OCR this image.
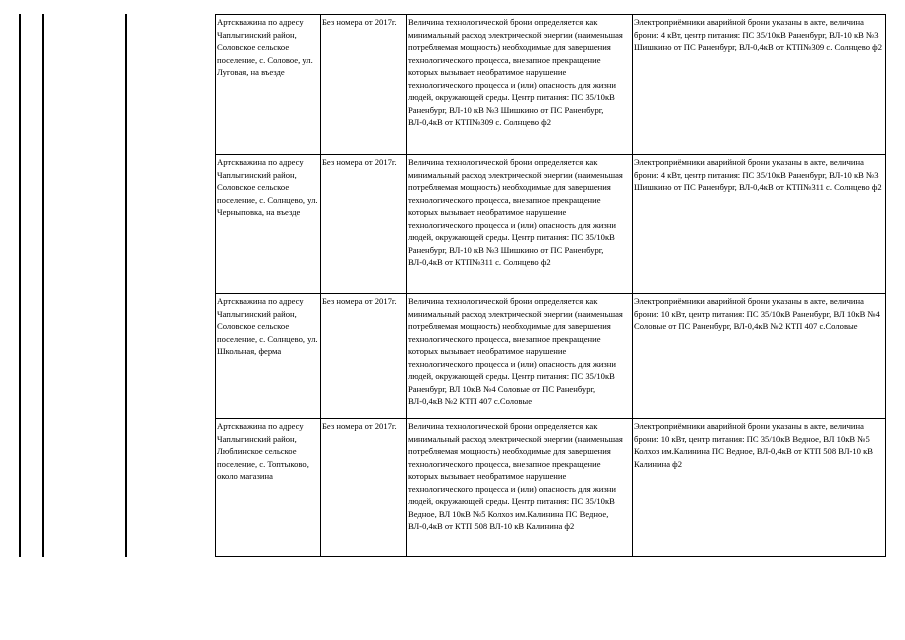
Артскважина по адресу Чаплыгинский район, Соловское сельское поселение, с. Соловое, ул. Луговая, на въезде	Без номера от 2017г.	Величина технологической брони определяется как минимальный расход электрической энергии (наименьшая потребляемая мощность) необходимые для завершения технологического процесса, внезапное прекращение которых вызывает необратимое нарушение технологического процесса и (или) опасность для жизни людей, окружающей среды. Центр питания: ПС 35/10кВ Раненбург, ВЛ-10 кВ №3 Шишкино от ПС Раненбург, ВЛ-0,4кВ от КТП№309 с. Солнцево ф2	Электроприёмники аварийной брони указаны в акте, величина брони: 4 кВт, центр питания: ПС 35/10кВ Раненбург, ВЛ-10 кВ №3 Шишкино от ПС Раненбург, ВЛ-0,4кВ от КТП№309 с. Солнцево ф2
Артскважина по адресу Чаплыгинский район, Соловское сельское поселение, с. Солнцево, ул. Черныповка, на въезде	Без номера от 2017г.	Величина технологической брони определяется как минимальный расход электрической энергии (наименьшая потребляемая мощность) необходимые для завершения технологического процесса, внезапное прекращение которых вызывает необратимое нарушение технологического процесса и (или) опасность для жизни людей, окружающей среды. Центр питания: ПС 35/10кВ Раненбург, ВЛ-10 кВ №3 Шишкино от ПС Раненбург, ВЛ-0,4кВ от КТП№311 с. Солнцево ф2	Электроприёмники аварийной брони указаны в акте, величина брони: 4 кВт, центр питания: ПС 35/10кВ Раненбург, ВЛ-10 кВ №3 Шишкино от ПС Раненбург, ВЛ-0,4кВ от КТП№311 с. Солнцево ф2
Артскважина по адресу Чаплыгинский район, Соловское сельское поселение, с. Солнцево, ул. Школьная, ферма	Без номера от 2017г.	Величина технологической брони определяется как минимальный расход электрической энергии (наименьшая потребляемая мощность) необходимые для завершения технологического процесса, внезапное прекращение которых вызывает необратимое нарушение технологического процесса и (или) опасность для жизни людей, окружающей среды. Центр питания: ПС 35/10кВ Раненбург, ВЛ 10кВ №4 Соловые от ПС Раненбург, ВЛ-0,4кВ №2 КТП 407 с.Соловые	Электроприёмники аварийной брони указаны в акте, величина брони: 10 кВт, центр питания: ПС 35/10кВ Раненбург, ВЛ 10кВ №4 Соловые от ПС Раненбург, ВЛ-0,4кВ №2 КТП 407 с.Соловые
Артскважина по адресу Чаплыгинский район, Люблинское сельское поселение, с. Топтыково, около магазина	Без номера от 2017г.	Величина технологической брони определяется как минимальный расход электрической энергии (наименьшая потребляемая мощность) необходимые для завершения технологического процесса, внезапное прекращение которых вызывает необратимое нарушение технологического процесса и (или) опасность для жизни людей, окружающей среды. Центр питания: ПС 35/10кВ Ведное, ВЛ 10кВ №5 Колхоз им.Калинина ПС Ведное, ВЛ-0,4кВ от КТП 508 ВЛ-10 кВ Калинина ф2	Электроприёмники аварийной брони указаны в акте, величина брони: 10 кВт, центр питания: ПС 35/10кВ Ведное, ВЛ 10кВ №5 Колхоз им.Калинина ПС Ведное, ВЛ-0,4кВ от КТП 508 ВЛ-10 кВ Калинина ф2
